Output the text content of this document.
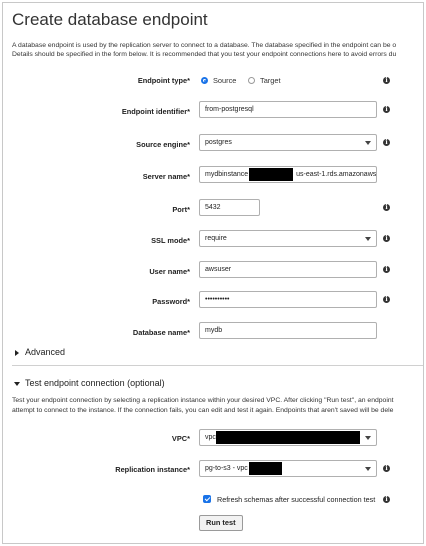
Create database endpoint
A database endpoint is used by the replication server to connect to a database. The database specified in the endpoint can be o
Details should be specified in the form below. It is recommended that you test your endpoint connections here to avoid errors du
Endpoint type*	Source	Target	i
Endpoint identifier*	from-postgresql	i
Source engine*	postgres	i
Server name*	mydbinstance	us-east-1.rds.amazonaws
Port*	5432	i
SSL mode*	require	i
User name*	awsuser	i
Password*	••••••••••	i
Database name*	mydb
Advanced
Test endpoint connection (optional)
Test your endpoint connection by selecting a replication instance within your desired VPC. After clicking "Run test", an endpoint
attempt to connect to the instance. If the connection fails, you can edit and test it again. Endpoints that aren't saved will be dele
VPC*	vpc
Replication instance*	pg-to-s3 - vpc	i
Refresh schemas after successful connection test	i
Run test
